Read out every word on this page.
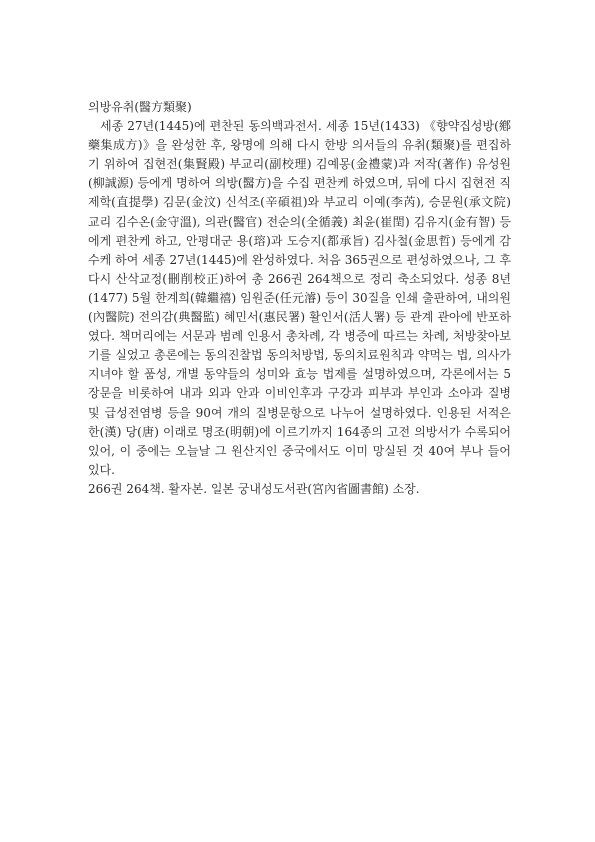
의방유취(醫方類聚)

세종 27년(1445)에 편찬된 동의백과전서. 세종 15년(1433) 《향약집성방(鄕藥集成方)》을 완성한 후, 왕명에 의해 다시 한방 의서들의 유취(類聚)를 편집하기 위하여 집현전(集賢殿) 부교리(副校理) 김예몽(金禮蒙)과 저작(著作) 유성원(柳誠源) 등에게 명하여 의방(醫方)을 수집 편찬케 하였으며, 뒤에 다시 집현전 직제학(直提學) 김문(金汶) 신석조(辛碩祖)와 부교리 이예(李芮), 승문원(承文院) 교리 김수온(金守溫), 의관(醫官) 전순의(全循義) 최윤(崔閏) 김유지(金有智) 등에게 편찬케 하고, 안평대군 용(瑢)과 도승지(都承旨) 김사철(金思哲) 등에게 감수케 하여 세종 27년(1445)에 완성하였다. 처음 365권으로 편성하였으나, 그 후 다시 산삭교정(刪削校正)하여 총 266권 264책으로 정리 축소되었다. 성종 8년(1477) 5월 한계희(韓繼禧) 임원준(任元濬) 등이 30질을 인쇄 출판하여, 내의원(內醫院) 전의감(典醫監) 혜민서(惠民署) 활인서(活人署) 등 관계 관아에 반포하였다. 책머리에는 서문과 범례 인용서 총차례, 각 병증에 따르는 차례, 처방찾아보기를 실었고 총론에는 동의진찰법 동의처방법, 동의치료원칙과 약먹는 법, 의사가 지녀야 할 품성, 개별 동약들의 성미와 효능 법제를 설명하였으며, 각론에서는 5장문을 비롯하여 내과 외과 안과 이비인후과 구강과 피부과 부인과 소아과 질병 및 급성전염병 등을 90여 개의 질병문항으로 나누어 설명하였다. 인용된 서적은 한(漢) 당(唐) 이래로 명조(明朝)에 이르기까지 164종의 고전 의방서가 수록되어 있어, 이 중에는 오늘날 그 원산지인 중국에서도 이미 망실된 것 40여 부나 들어 있다.

266권 264책. 활자본. 일본 궁내성도서관(宮內省圖書館) 소장.
